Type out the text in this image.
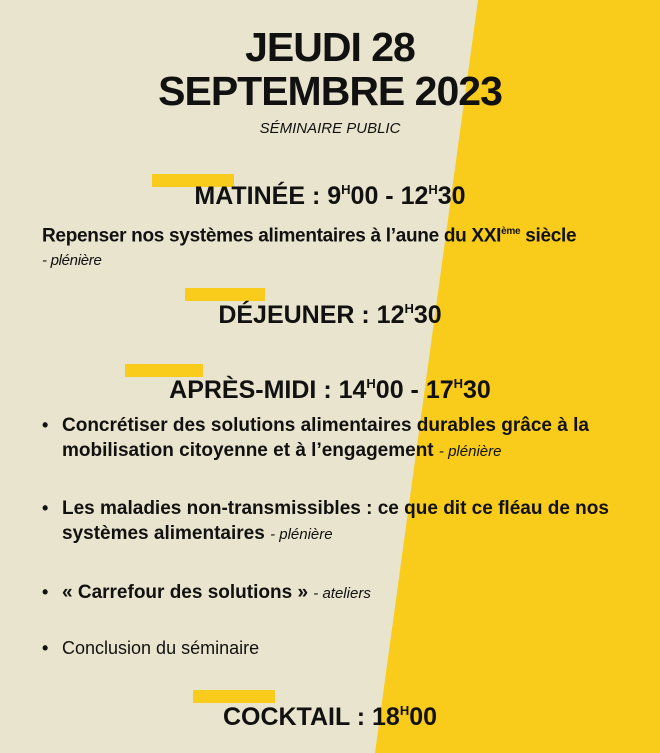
JEUDI 28
SEPTEMBRE 2023
SÉMINAIRE PUBLIC
MATINÉE : $9^H00 - 12^H30$
Repenser nos systèmes alimentaires à l’aune du XXIème siècle
- plénière
DÉJEUNER : $12^H30$
APRÈS-MIDI : $14^H00 - 17^H30$
• Concrétiser des solutions alimentaires durables grâce à la mobilisation citoyenne et à l’engagement - plénière
• Les maladies non-transmissibles : ce que dit ce fléau de nos systèmes alimentaires - plénière
• « Carrefour des solutions » - ateliers
• Conclusion du séminaire
COCKTAIL : $18^H00$
